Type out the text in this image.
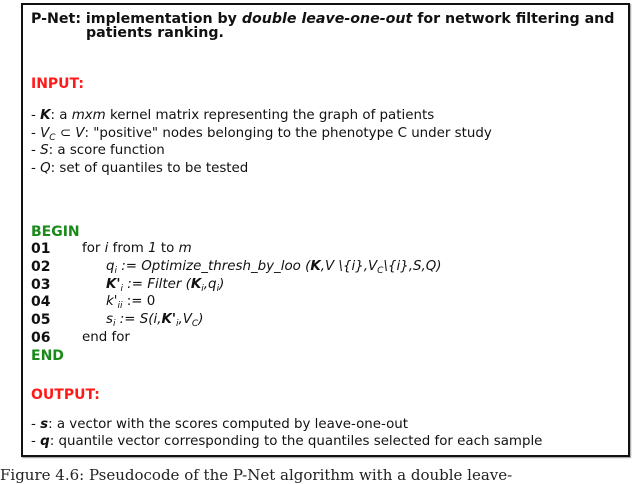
P-Net: implementation by double leave-one-out for network filtering and
patients ranking.
INPUT:
- K: a mxm kernel matrix representing the graph of patients
- $V_C$ ⊂ V: "positive" nodes belonging to the phenotype C under study
- S: a score function
- Q: set of quantiles to be tested
BEGIN
01 for i from 1 to m
02	$q_i$ := Optimize_thresh_by_loo (K,V $\backslash\{i\},V_C\backslash\{i\},S,Q$)
03	$K'_i$ := Filter $(K_i,q_i)$
04	$k'_{ii}$ := 0
05	$s_i$ := $S(i,K'_i,V_C)$
06 end for
END
OUTPUT:
- s: a vector with the scores computed by leave-one-out
- q: quantile vector corresponding to the quantiles selected for each sample
Figure 4.6: Pseudocode of the P-Net algorithm with a double leave-
